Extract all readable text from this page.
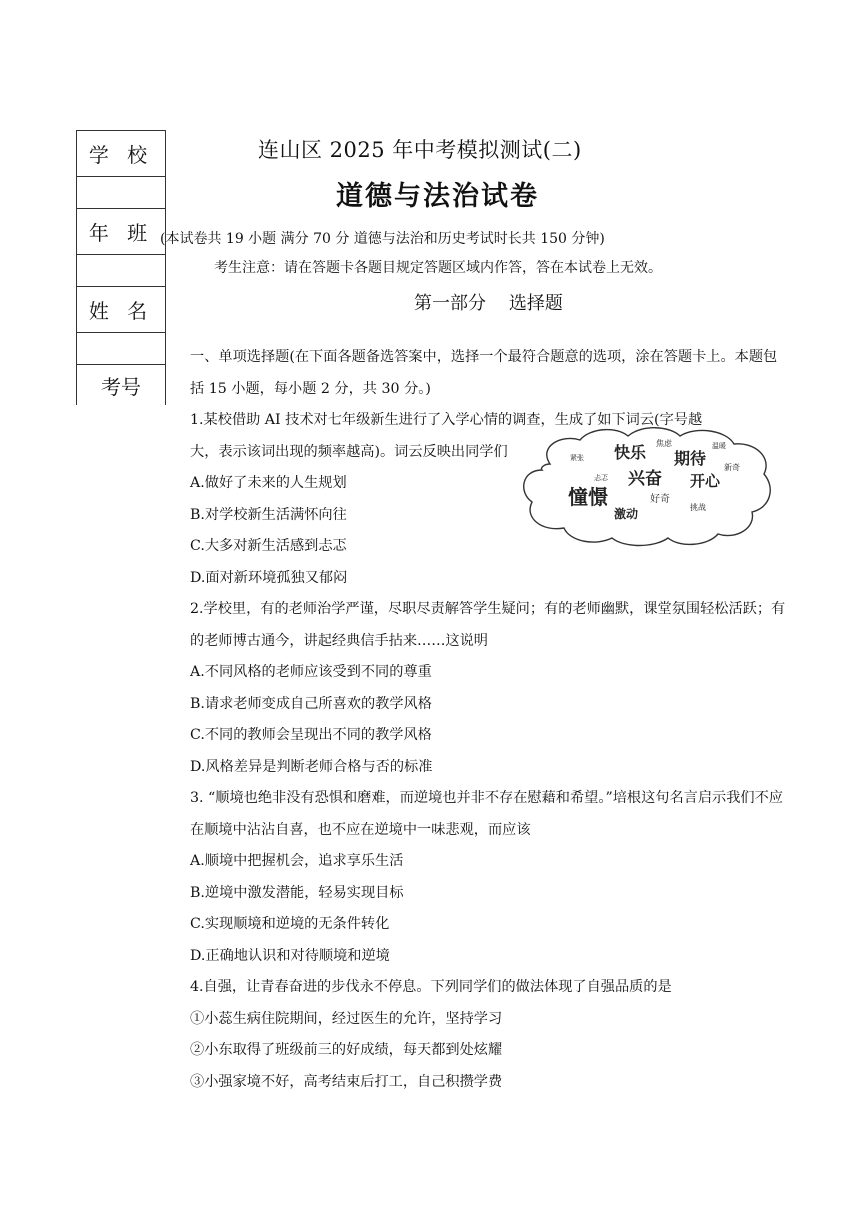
学 校
年 班
姓 名
考号
连山区 2025 年中考模拟测试(二)
道德与法治试卷
(本试卷共 19 小题 满分 70 分 道德与法治和历史考试时长共 150 分钟)
考生注意：请在答题卡各题目规定答题区域内作答，答在本试卷上无效。
第一部分    选择题

一、单项选择题(在下面各题备选答案中，选择一个最符合题意的选项，涂在答题卡上。本题包括 15 小题，每小题 2 分，共 30 分。)

1.某校借助 AI 技术对七年级新生进行了入学心情的调查，生成了如下词云(字号越

大，表示该词出现的频率越高)。词云反映出同学们

A.做好了未来的人生规划

B.对学校新生活满怀向往

C.大多对新生活感到忐忑

D.面对新环境孤独又郁闷

2.学校里，有的老师治学严谨，尽职尽责解答学生疑问；有的老师幽默，课堂氛围轻松活跃；有的老师博古通今，讲起经典信手拈来……这说明

A.不同风格的老师应该受到不同的尊重

B.请求老师变成自己所喜欢的教学风格

C.不同的教师会呈现出不同的教学风格

D.风格差异是判断老师合格与否的标准

3. “顺境也绝非没有恐惧和磨难，而逆境也并非不存在慰藉和希望。”培根这句名言启示我们不应在顺境中沾沾自喜，也不应在逆境中一味悲观，而应该

A.顺境中把握机会，追求享乐生活

B.逆境中激发潜能，轻易实现目标

C.实现顺境和逆境的无条件转化

D.正确地认识和对待顺境和逆境

4.自强，让青春奋进的步伐永不停息。下列同学们的做法体现了自强品质的是

①小蕊生病住院期间，经过医生的允许，坚持学习

②小东取得了班级前三的好成绩，每天都到处炫耀

③小强家境不好，高考结束后打工，自己积攒学费

快乐 期待
兴奋 开心
憧憬	好奇
激动
焦虑
忐忑
紧张
温暖
新奇
挑战
